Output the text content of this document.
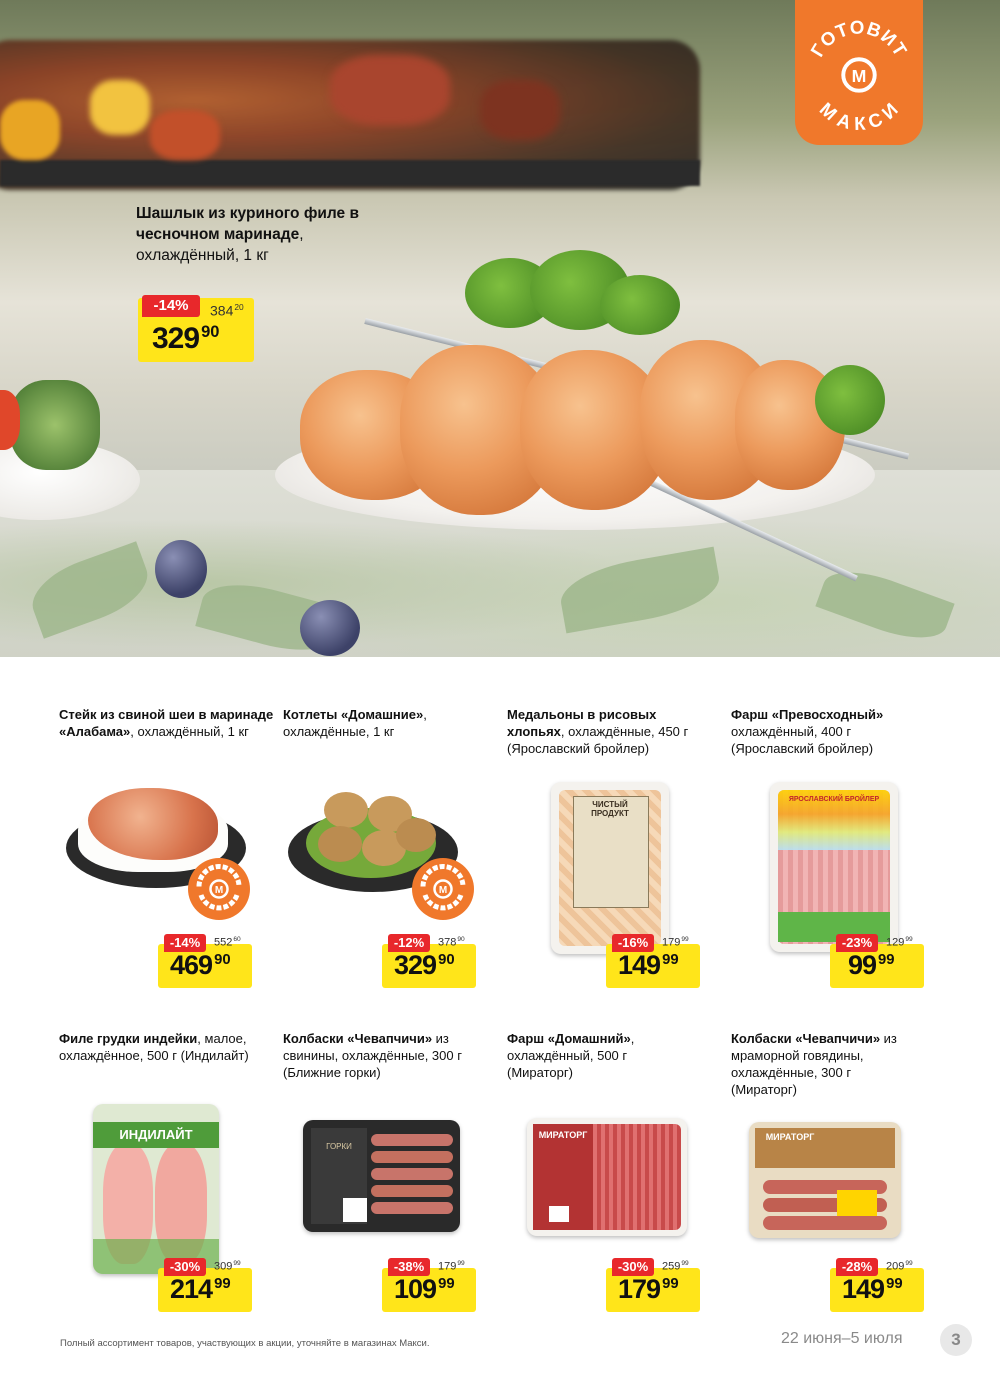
ГОТОВИТ
МАКСИ
M
Шашлык из куриного филе в чесночном маринаде, охлаждённый, 1 кг
-14%	$384^{20}$
329 $^{90}$
Стейк из свиной шеи в маринаде «Алабама», охлаждённый, 1 кг
Котлеты «Домашние», охлаждённые, 1 кг
Медальоны в рисовых хлопьях, охлаждённые, 450 г (Ярославский бройлер)
Фарш «Превосходный» охлаждённый, 400 г (Ярославский бройлер)
M	M
ЧИСТЫЙ ПРОДУКТ
ЯРОСЛАВСКИЙ БРОЙЛЕР
-14%	$552^{60}$
469 $^{90}$
-12%	$378^{90}$
329 $^{90}$
-16%	$179^{99}$
149 $^{99}$
-23%	$129^{99}$
99 $^{99}$
Филе грудки индейки, малое, охлаждённое, 500 г (Индилайт)
Колбаски «Чевапчичи» из свинины, охлаждённые, 300 г (Ближние горки)
Фарш «Домашний», охлаждённый, 500 г (Мираторг)
Колбаски «Чевапчичи» из мраморной говядины, охлаждённые, 300 г (Мираторг)
ИНДИЛАЙТ
ГОРКИ
МИРАТОРГ	МИРАТОРГ
-30%	$309^{99}$
214 $^{99}$
-38%	$179^{99}$
109 $^{99}$
-30%	$259^{99}$
179 $^{99}$
-28%	$209^{99}$
149 $^{99}$
Полный ассортимент товаров, участвующих в акции, уточняйте в магазинах Макси.	22 июня–5 июля	3
